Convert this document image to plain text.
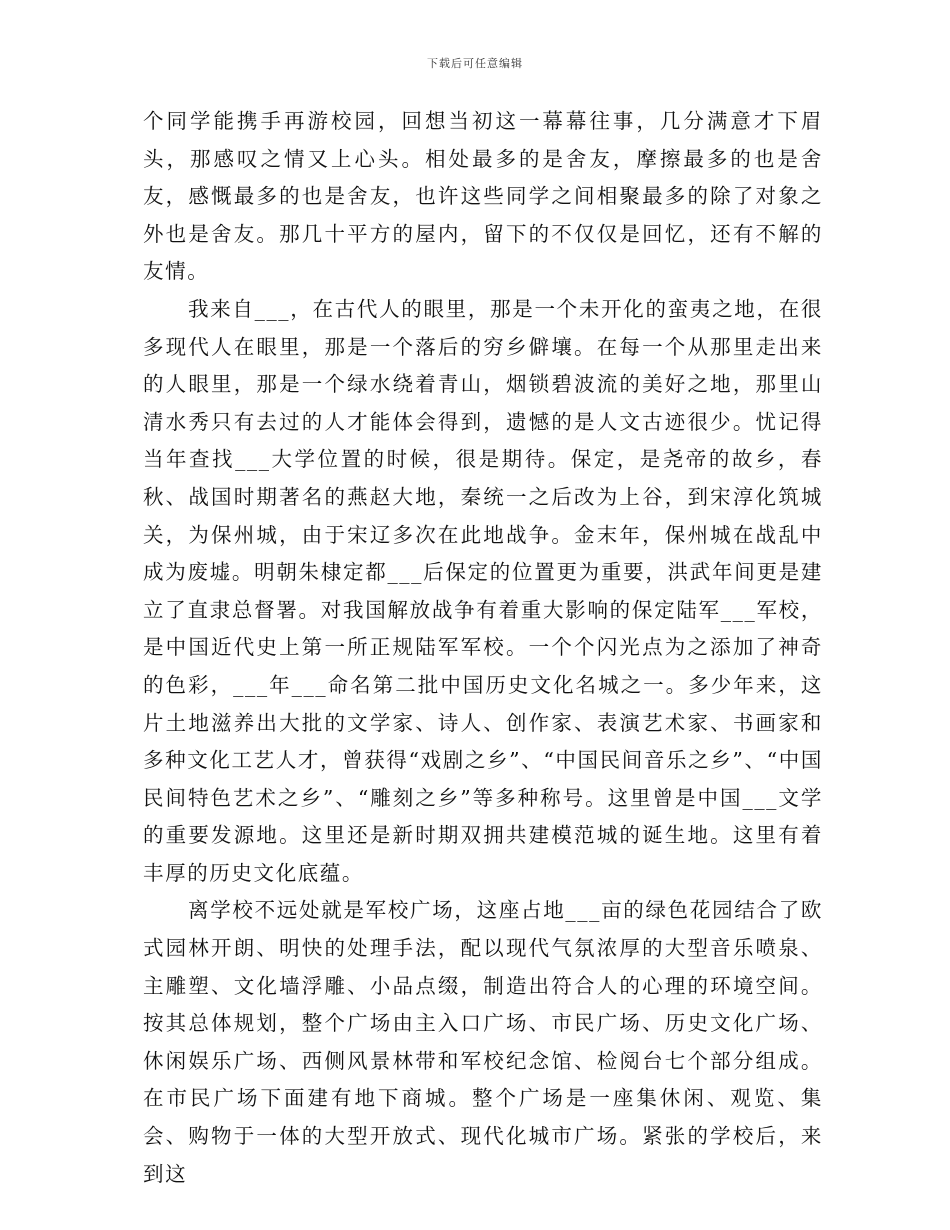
下载后可任意编辑

个同学能携手再游校园，回想当初这一幕幕往事，几分满意才下眉头，那感叹之情又上心头。相处最多的是舍友，摩擦最多的也是舍友，感慨最多的也是舍友，也许这些同学之间相聚最多的除了对象之外也是舍友。那几十平方的屋内，留下的不仅仅是回忆，还有不解的友情。

我来自___，在古代人的眼里，那是一个未开化的蛮夷之地，在很多现代人在眼里，那是一个落后的穷乡僻壤。在每一个从那里走出来的人眼里，那是一个绿水绕着青山，烟锁碧波流的美好之地，那里山清水秀只有去过的人才能体会得到，遗憾的是人文古迹很少。忧记得当年查找___大学位置的时候，很是期待。保定，是尧帝的故乡，春秋、战国时期著名的燕赵大地，秦统一之后改为上谷，到宋淳化筑城关，为保州城，由于宋辽多次在此地战争。金末年，保州城在战乱中成为废墟。明朝朱棣定都___后保定的位置更为重要，洪武年间更是建立了直隶总督署。对我国解放战争有着重大影响的保定陆军___军校，是中国近代史上第一所正规陆军军校。一个个闪光点为之添加了神奇的色彩，___年___命名第二批中国历史文化名城之一。多少年来，这片土地滋养出大批的文学家、诗人、创作家、表演艺术家、书画家和多种文化工艺人才，曾获得“戏剧之乡”、“中国民间音乐之乡”、“中国民间特色艺术之乡”、“雕刻之乡”等多种称号。这里曾是中国___文学的重要发源地。这里还是新时期双拥共建模范城的诞生地。这里有着丰厚的历史文化底蕴。

离学校不远处就是军校广场，这座占地___亩的绿色花园结合了欧式园林开朗、明快的处理手法，配以现代气氛浓厚的大型音乐喷泉、主雕塑、文化墙浮雕、小品点缀，制造出符合人的心理的环境空间。按其总体规划，整个广场由主入口广场、市民广场、历史文化广场、休闲娱乐广场、西侧风景林带和军校纪念馆、检阅台七个部分组成。在市民广场下面建有地下商城。整个广场是一座集休闲、观览、集会、购物于一体的大型开放式、现代化城市广场。紧张的学校后，来到这
